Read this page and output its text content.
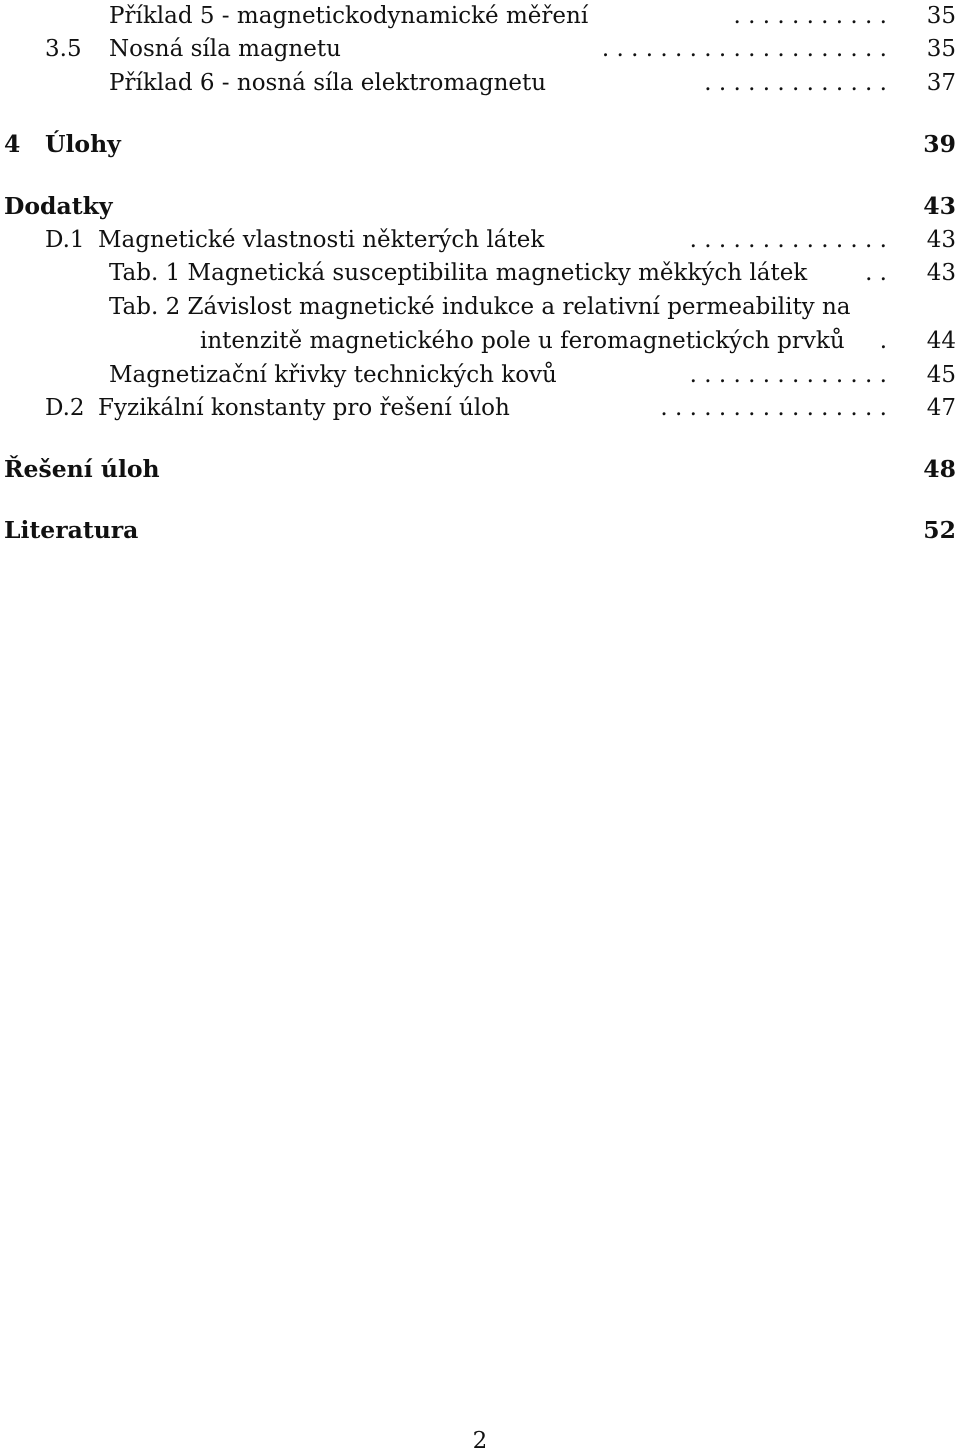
Příklad 5 - magnetickodynamické měření	. . . . . . . . . . . 35
3.5 Nosná síla magnetu	. . . . . . . . . . . . . . . . . . . . 35
Příklad 6 - nosná síla elektromagnetu	. . . . . . . . . . . . . 37
4 Úlohy	39
Dodatky	43
D.1 Magnetické vlastnosti některých látek	. . . . . . . . . . . . . . 43
Tab. 1 Magnetická susceptibilita magneticky měkkých látek	. . 43
Tab. 2 Závislost magnetické indukce a relativní permeability na
intenzitě magnetického pole u feromagnetických prvků . 44
Magnetizační křivky technických kovů	. . . . . . . . . . . . . . 45
D.2 Fyzikální konstanty pro řešení úloh	. . . . . . . . . . . . . . . . 47
Řešení úloh	48
Literatura	52
2
